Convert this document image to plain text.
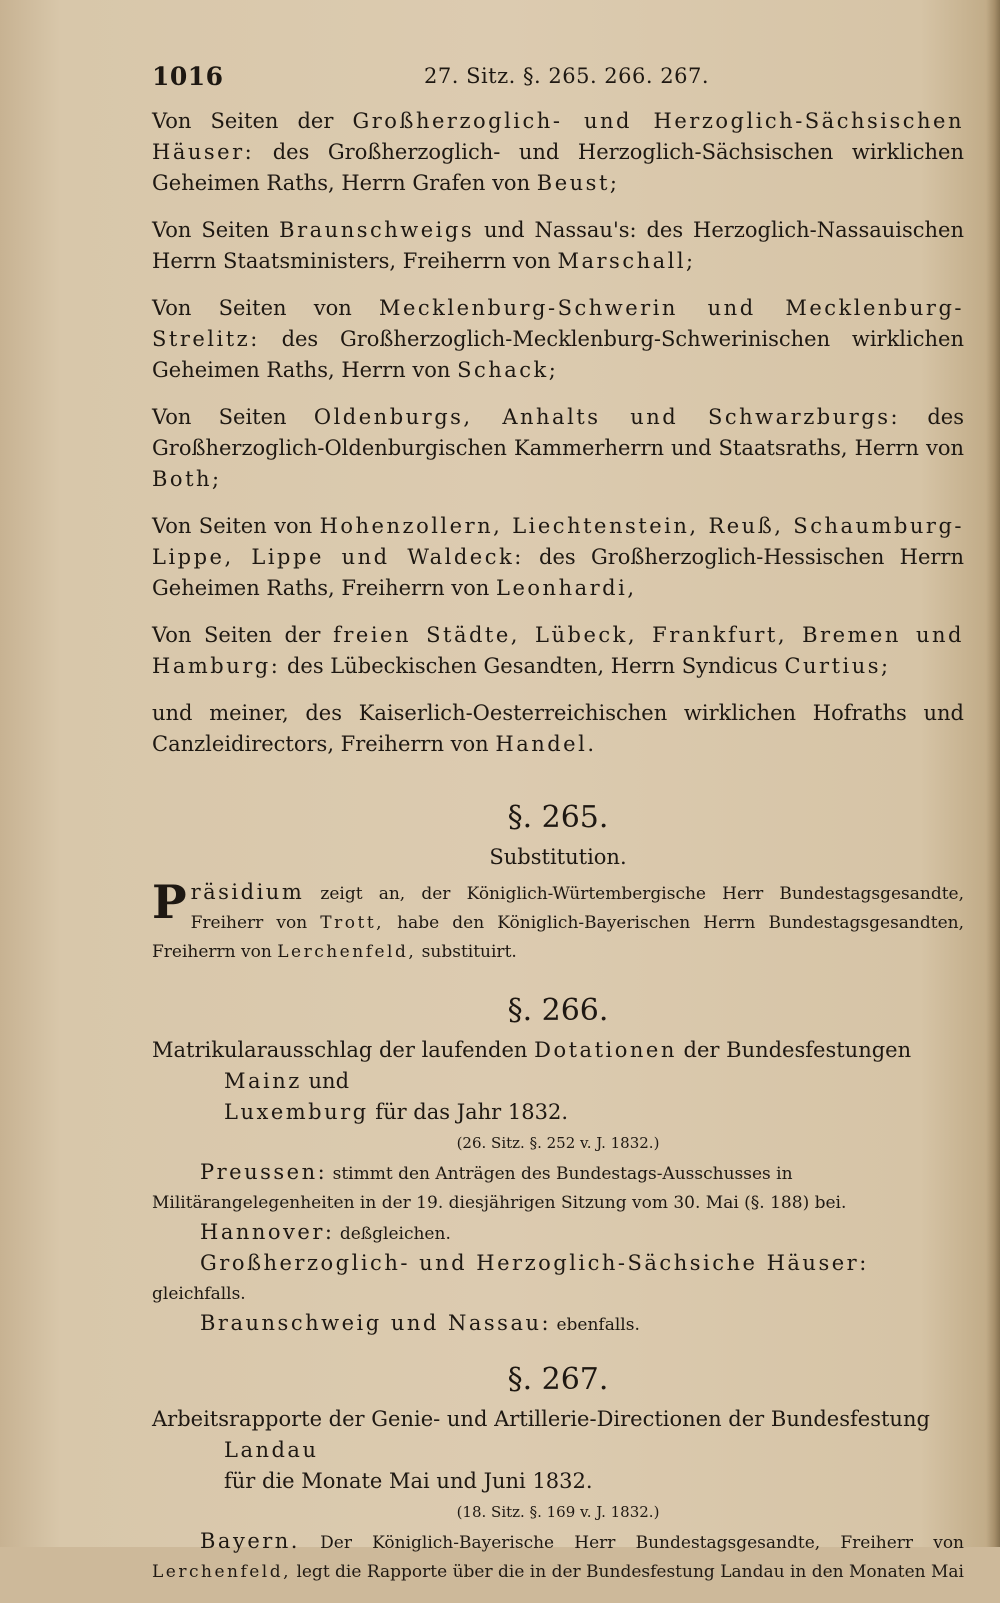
1016	27. Sitz. §. 265. 266. 267.

Von Seiten der Großherzoglich- und Herzoglich-Sächsischen Häuser: des Großherzoglich- und Herzoglich-Sächsischen wirklichen Geheimen Raths, Herrn Grafen von Beust;

Von Seiten Braunschweigs und Nassau's: des Herzoglich-Nassauischen Herrn Staatsministers, Freiherrn von Marschall;

Von Seiten von Mecklenburg-Schwerin und Mecklenburg-Strelitz: des Großherzoglich-Mecklenburg-Schwerinischen wirklichen Geheimen Raths, Herrn von Schack;

Von Seiten Oldenburgs, Anhalts und Schwarzburgs: des Großherzoglich-Oldenburgischen Kammerherrn und Staatsraths, Herrn von Both;

Von Seiten von Hohenzollern, Liechtenstein, Reuß, Schaumburg-Lippe, Lippe und Waldeck: des Großherzoglich-Hessischen Herrn Geheimen Raths, Freiherrn von Leonhardi,

Von Seiten der freien Städte, Lübeck, Frankfurt, Bremen und Hamburg: des Lübeckischen Gesandten, Herrn Syndicus Curtius;

und meiner, des Kaiserlich-Oesterreichischen wirklichen Hofraths und Canzleidirectors, Freiherrn von Handel.

§. 265.
Substitution.

Präsidium zeigt an, der Königlich-Würtembergische Herr Bundestagsgesandte, Freiherr von Trott, habe den Königlich-Bayerischen Herrn Bundestagsgesandten, Freiherrn von Lerchenfeld, substituirt.

§. 266.

Matrikularausschlag der laufenden Dotationen der Bundesfestungen Mainz und
Luxemburg für das Jahr 1832.

(26. Sitz. §. 252 v. J. 1832.)

Preussen: stimmt den Anträgen des Bundestags-Ausschusses in Militärangelegenheiten in der 19. diesjährigen Sitzung vom 30. Mai (§. 188) bei.

Hannover: deßgleichen.

Großherzoglich- und Herzoglich-Sächsiche Häuser: gleichfalls.

Braunschweig und Nassau: ebenfalls.

§. 267.

Arbeitsrapporte der Genie- und Artillerie-Directionen der Bundesfestung Landau
für die Monate Mai und Juni 1832.

(18. Sitz. §. 169 v. J. 1832.)

Bayern. Der Königlich-Bayerische Herr Bundestagsgesandte, Freiherr von Lerchenfeld, legt die Rapporte über die in der Bundesfestung Landau in den Monaten Mai
